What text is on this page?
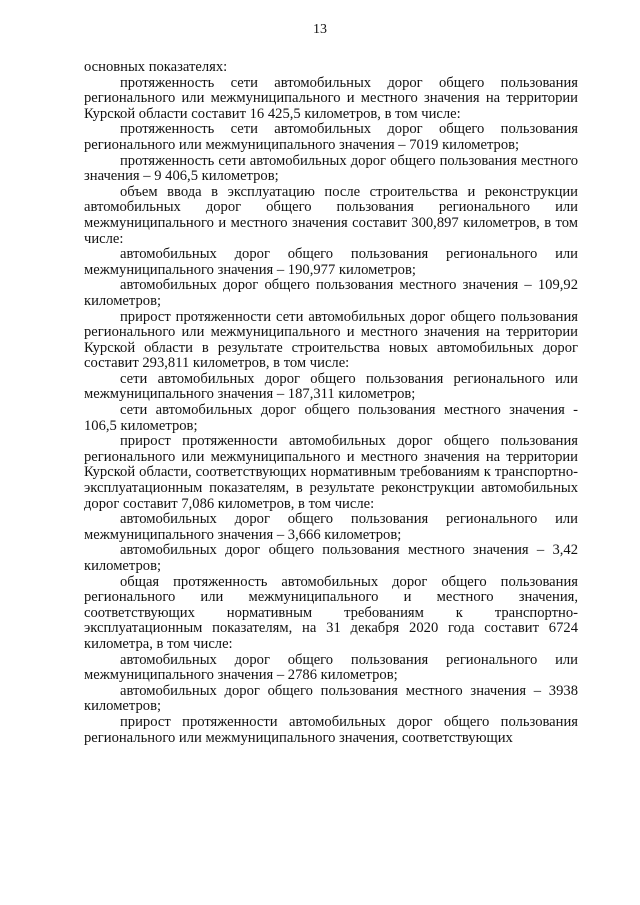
13

основных показателях:

протяженность сети автомобильных дорог общего пользования регионального или межмуниципального и местного значения на территории Курской области составит 16 425,5 километров, в том числе:

протяженность сети автомобильных дорог общего пользования регионального или межмуниципального значения – 7019 километров;

протяженность сети автомобильных дорог общего пользования местного значения – 9 406,5 километров;

объем ввода в эксплуатацию после строительства и реконструкции автомобильных дорог общего пользования регионального или межмуниципального и местного значения составит 300,897 километров, в том числе:

автомобильных дорог общего пользования регионального или межмуниципального значения – 190,977 километров;

автомобильных дорог общего пользования местного значения – 109,92 километров;

прирост протяженности сети автомобильных дорог общего пользования регионального или межмуниципального и местного значения на территории Курской области в результате строительства новых автомобильных дорог составит 293,811 километров, в том числе:

сети автомобильных дорог общего пользования регионального или межмуниципального значения – 187,311 километров;

сети автомобильных дорог общего пользования местного значения - 106,5 километров;

прирост протяженности автомобильных дорог общего пользования регионального или межмуниципального и местного значения на территории Курской области, соответствующих нормативным требованиям к транспортно-эксплуатационным показателям, в результате реконструкции автомобильных дорог составит 7,086 километров, в том числе:

автомобильных дорог общего пользования регионального или межмуниципального значения – 3,666 километров;

автомобильных дорог общего пользования местного значения – 3,42 километров;

общая протяженность автомобильных дорог общего пользования регионального или межмуниципального и местного значения, соответствующих нормативным требованиям к транспортно-эксплуатационным показателям, на 31 декабря 2020 года составит 6724 километра, в том числе:

автомобильных дорог общего пользования регионального или межмуниципального значения – 2786 километров;

автомобильных дорог общего пользования местного значения – 3938 километров;

прирост протяженности автомобильных дорог общего пользования регионального или межмуниципального значения, соответствующих
